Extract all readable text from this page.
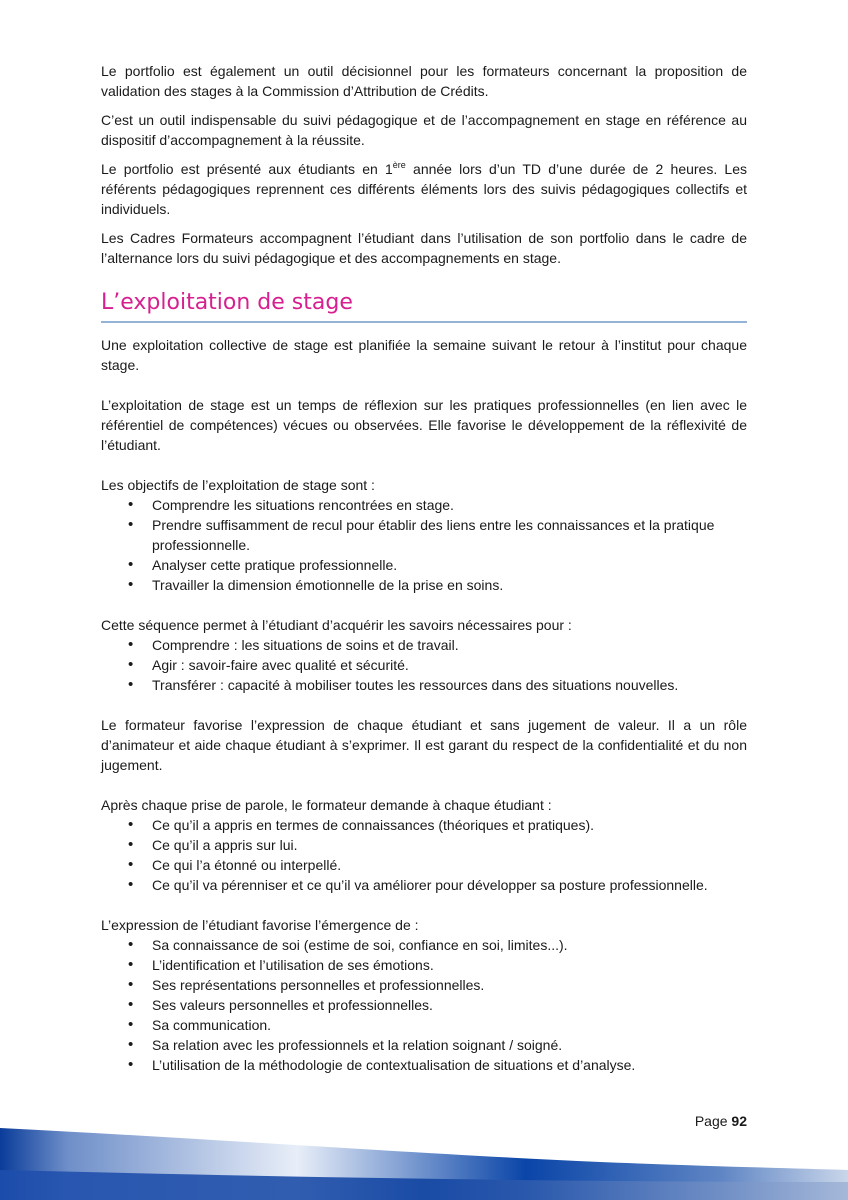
Le portfolio est également un outil décisionnel pour les formateurs concernant la proposition de validation des stages à la Commission d’Attribution de Crédits.

C’est un outil indispensable du suivi pédagogique et de l’accompagnement en stage en référence au dispositif d’accompagnement à la réussite.

Le portfolio est présenté aux étudiants en 1ère année lors d’un TD d’une durée de 2 heures. Les référents pédagogiques reprennent ces différents éléments lors des suivis pédagogiques collectifs et individuels.

Les Cadres Formateurs accompagnent l’étudiant dans l’utilisation de son portfolio dans le cadre de l’alternance lors du suivi pédagogique et des accompagnements en stage.

L’exploitation de stage

Une exploitation collective de stage est planifiée la semaine suivant le retour à l’institut pour chaque stage.

L’exploitation de stage est un temps de réflexion sur les pratiques professionnelles (en lien avec le référentiel de compétences) vécues ou observées. Elle favorise le développement de la réflexivité de l’étudiant.

Les objectifs de l’exploitation de stage sont :

• Comprendre les situations rencontrées en stage.
• Prendre suffisamment de recul pour établir des liens entre les connaissances et la pratique professionnelle.
• Analyser cette pratique professionnelle.
• Travailler la dimension émotionnelle de la prise en soins.

Cette séquence permet à l’étudiant d’acquérir les savoirs nécessaires pour :

• Comprendre : les situations de soins et de travail.
• Agir : savoir-faire avec qualité et sécurité.
• Transférer : capacité à mobiliser toutes les ressources dans des situations nouvelles.

Le formateur favorise l’expression de chaque étudiant et sans jugement de valeur. Il a un rôle d’animateur et aide chaque étudiant à s’exprimer. Il est garant du respect de la confidentialité et du non jugement.

Après chaque prise de parole, le formateur demande à chaque étudiant :

• Ce qu’il a appris en termes de connaissances (théoriques et pratiques).
• Ce qu’il a appris sur lui.
• Ce qui l’a étonné ou interpellé.
• Ce qu’il va pérenniser et ce qu’il va améliorer pour développer sa posture professionnelle.

L’expression de l’étudiant favorise l’émergence de :

• Sa connaissance de soi (estime de soi, confiance en soi, limites...).
• L’identification et l’utilisation de ses émotions.
• Ses représentations personnelles et professionnelles.
• Ses valeurs personnelles et professionnelles.
• Sa communication.
• Sa relation avec les professionnels et la relation soignant / soigné.
• L’utilisation de la méthodologie de contextualisation de situations et d’analyse.
Page 92
